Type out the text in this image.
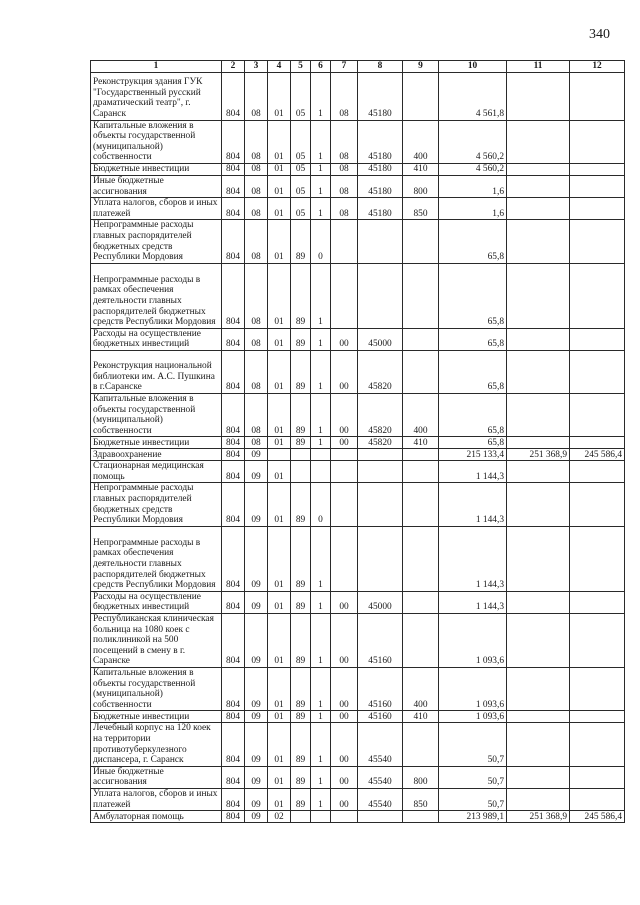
340
1	2	3	4	5	6	7	8	9	10	11	12
Реконструкция здания ГУК "Государственный русский драматический театр", г. Саранск	804	08	01	05	1	08	45180		4 561,8		
Капитальные вложения в объекты государственной (муниципальной) собственности	804	08	01	05	1	08	45180	400	4 560,2		
Бюджетные инвестиции	804	08	01	05	1	08	45180	410	4 560,2		
Иные бюджетные ассигнования	804	08	01	05	1	08	45180	800	1,6		
Уплата налогов, сборов и иных платежей	804	08	01	05	1	08	45180	850	1,6		
Непрограммные расходы главных распорядителей бюджетных средств Республики Мордовия	804	08	01	89	0				65,8		
Непрограммные расходы в рамках обеспечения деятельности главных распорядителей бюджетных средств Республики Мордовия	804	08	01	89	1				65,8		
Расходы на осуществление бюджетных инвестиций	804	08	01	89	1	00	45000		65,8		
Реконструкция национальной библиотеки им. А.С. Пушкина в г.Саранске	804	08	01	89	1	00	45820		65,8		
Капитальные вложения в объекты государственной (муниципальной) собственности	804	08	01	89	1	00	45820	400	65,8		
Бюджетные инвестиции	804	08	01	89	1	00	45820	410	65,8		
Здравоохранение	804	09							215 133,4	251 368,9	245 586,4
Стационарная медицинская помощь	804	09	01						1 144,3		
Непрограммные расходы главных распорядителей бюджетных средств Республики Мордовия	804	09	01	89	0				1 144,3		
Непрограммные расходы в рамках обеспечения деятельности главных распорядителей бюджетных средств Республики Мордовия	804	09	01	89	1				1 144,3		
Расходы на осуществление бюджетных инвестиций	804	09	01	89	1	00	45000		1 144,3		
Республиканская клиническая больница на 1080 коек с поликлиникой на 500 посещений в смену в г. Саранске	804	09	01	89	1	00	45160		1 093,6		
Капитальные вложения в объекты государственной (муниципальной) собственности	804	09	01	89	1	00	45160	400	1 093,6		
Бюджетные инвестиции	804	09	01	89	1	00	45160	410	1 093,6		
Лечебный корпус на 120 коек на территории противотуберкулезного диспансера, г. Саранск	804	09	01	89	1	00	45540		50,7		
Иные бюджетные ассигнования	804	09	01	89	1	00	45540	800	50,7		
Уплата налогов, сборов и иных платежей	804	09	01	89	1	00	45540	850	50,7		
Амбулаторная помощь	804	09	02						213 989,1	251 368,9	245 586,4
